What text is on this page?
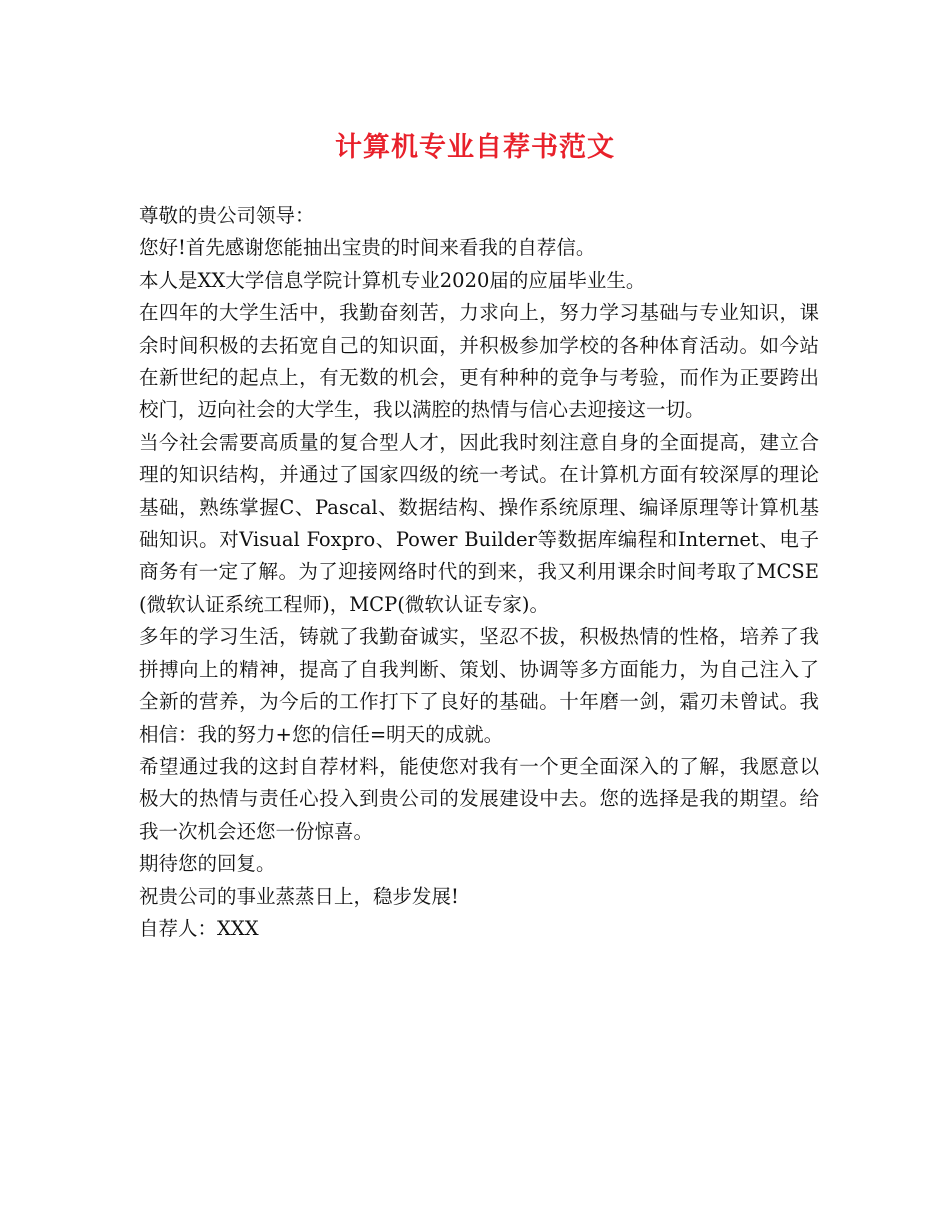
计算机专业自荐书范文

尊敬的贵公司领导：

您好!首先感谢您能抽出宝贵的时间来看我的自荐信。

本人是XX大学信息学院计算机专业2020届的应届毕业生。

在四年的大学生活中，我勤奋刻苦，力求向上，努力学习基础与专业知识，课余时间积极的去拓宽自己的知识面，并积极参加学校的各种体育活动。如今站在新世纪的起点上，有无数的机会，更有种种的竞争与考验，而作为正要跨出校门，迈向社会的大学生，我以满腔的热情与信心去迎接这一切。

当今社会需要高质量的复合型人才，因此我时刻注意自身的全面提高，建立合理的知识结构，并通过了国家四级的统一考试。在计算机方面有较深厚的理论基础，熟练掌握C、Pascal、数据结构、操作系统原理、编译原理等计算机基础知识。对Visual Foxpro、Power Builder等数据库编程和Internet、电子商务有一定了解。为了迎接网络时代的到来，我又利用课余时间考取了MCSE(微软认证系统工程师)，MCP(微软认证专家)。

多年的学习生活，铸就了我勤奋诚实，坚忍不拔，积极热情的性格，培养了我拼搏向上的精神，提高了自我判断、策划、协调等多方面能力，为自己注入了全新的营养，为今后的工作打下了良好的基础。十年磨一剑，霜刃未曾试。我相信：我的努力+您的信任=明天的成就。

希望通过我的这封自荐材料，能使您对我有一个更全面深入的了解，我愿意以极大的热情与责任心投入到贵公司的发展建设中去。您的选择是我的期望。给我一次机会还您一份惊喜。

期待您的回复。

祝贵公司的事业蒸蒸日上，稳步发展!

自荐人：XXX
